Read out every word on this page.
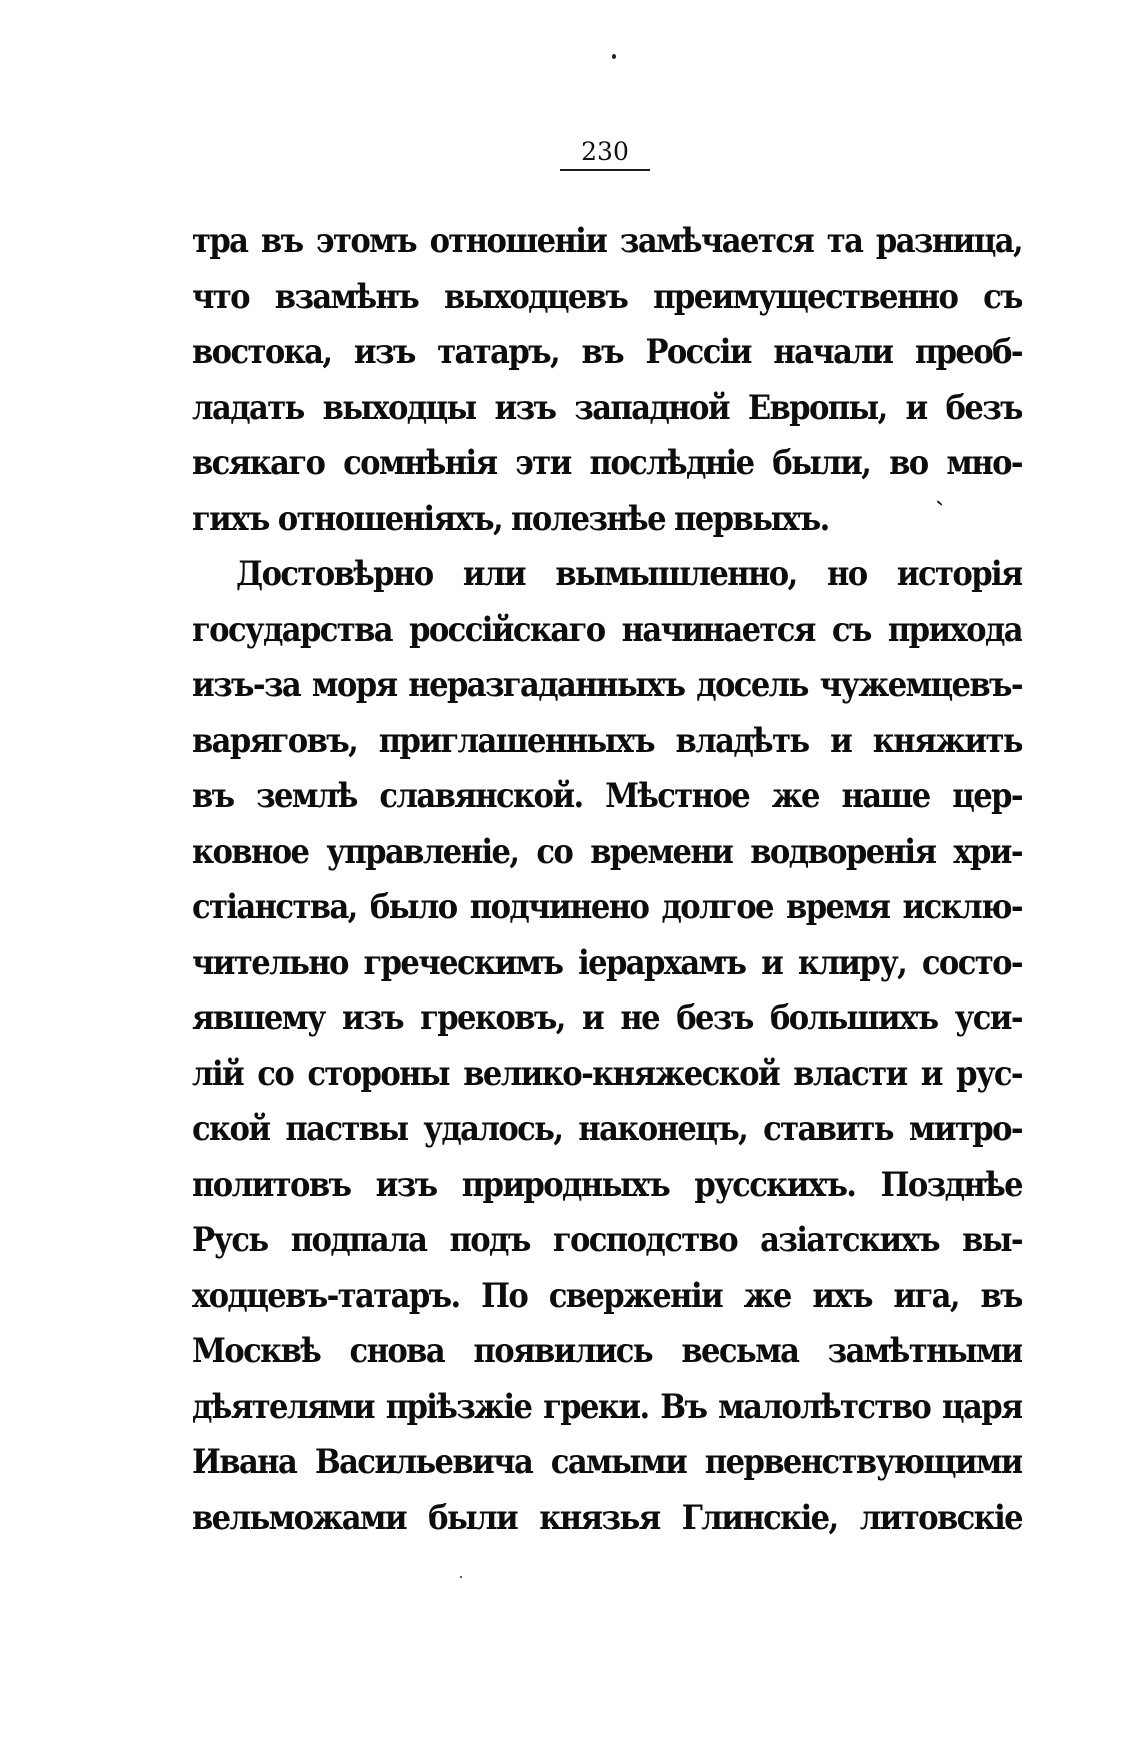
230
тра въ этомъ отношеніи замѣчается та разница,
что взамѣнъ выходцевъ преимущественно съ
востока, изъ татаръ, въ Россіи начали преоб-
ладать выходцы изъ западной Европы, и безъ
всякаго сомнѣнія эти послѣдніе были, во мно-
гихъ отношеніяхъ, полезнѣе первыхъ.
Достовѣрно или вымышленно, но исторія
государства россійскаго начинается съ прихода
изъ-за моря неразгаданныхъ досель чужемцевъ-
варяговъ, приглашенныхъ владѣть и княжить
въ землѣ славянской. Мѣстное же наше цер-
ковное управленіе, со времени водворенія хри-
стіанства, было подчинено долгое время исклю-
чительно греческимъ іерархамъ и клиру, состо-
явшему изъ грековъ, и не безъ большихъ уси-
лій со стороны велико-княжеской власти и рус-
ской паствы удалось, наконецъ, ставить митро-
политовъ изъ природныхъ русскихъ. Позднѣе
Русь подпала подъ господство азіатскихъ вы-
ходцевъ-татаръ. По сверженіи же ихъ ига, въ
Москвѣ снова появились весьма замѣтными
дѣятелями пріѣзжіе греки. Въ малолѣтство царя
Ивана Васильевича самыми первенствующими
вельможами были князья Глинскіе, литовскіе
